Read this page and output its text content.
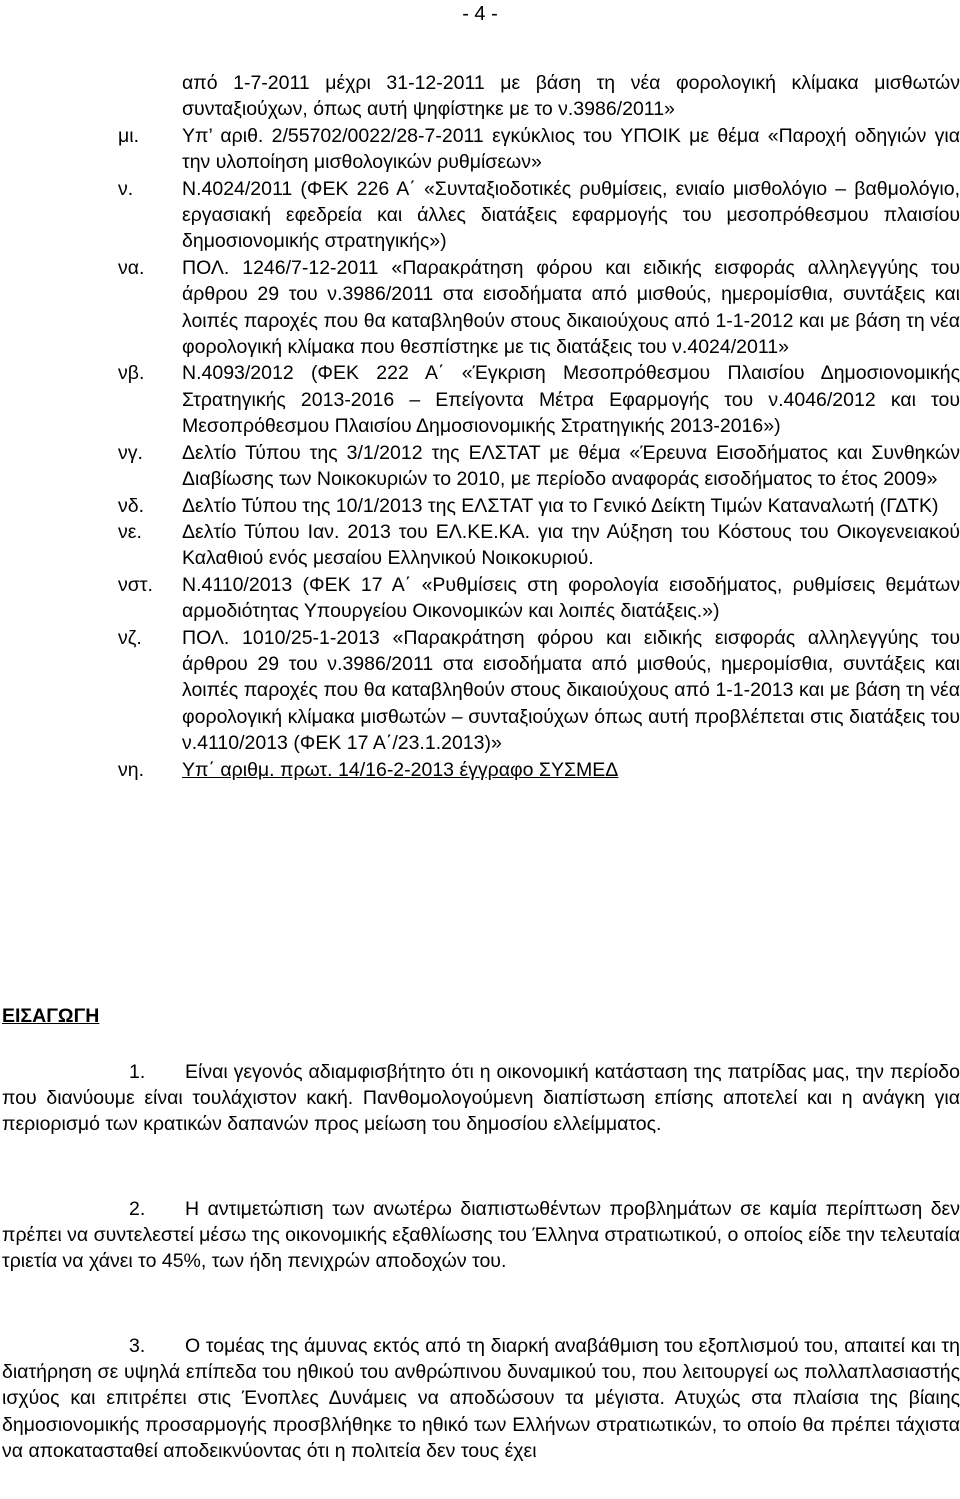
- 4 -
από 1-7-2011 μέχρι 31-12-2011 με βάση τη νέα φορολογική κλίμακα μισθωτών συνταξιούχων, όπως αυτή ψηφίστηκε με το ν.3986/2011»
μι. Υπ’ αριθ. 2/55702/0022/28-7-2011 εγκύκλιος του ΥΠΟΙΚ με θέμα «Παροχή οδηγιών για την υλοποίηση μισθολογικών ρυθμίσεων»
ν.	Ν.4024/2011 (ΦΕΚ 226 Α΄ «Συνταξιοδοτικές ρυθμίσεις, ενιαίο μισθολόγιο – βαθμολόγιο, εργασιακή εφεδρεία και άλλες διατάξεις εφαρμογής του μεσοπρόθεσμου πλαισίου δημοσιονομικής στρατηγικής»)
να. ΠΟΛ. 1246/7-12-2011 «Παρακράτηση φόρου και ειδικής εισφοράς αλληλεγγύης του άρθρου 29 του ν.3986/2011 στα εισοδήματα από μισθούς, ημερομίσθια, συντάξεις και λοιπές παροχές που θα καταβληθούν στους δικαιούχους από 1-1-2012 και με βάση τη νέα φορολογική κλίμακα που θεσπίστηκε με τις διατάξεις του ν.4024/2011»
νβ. Ν.4093/2012 (ΦΕΚ 222 Α΄ «Έγκριση Μεσοπρόθεσμου Πλαισίου Δημοσιονομικής Στρατηγικής 2013-2016 – Επείγοντα Μέτρα Εφαρμογής του ν.4046/2012 και του Μεσοπρόθεσμου Πλαισίου Δημοσιονομικής Στρατηγικής 2013-2016»)
νγ. Δελτίο Τύπου της 3/1/2012 της ΕΛΣΤΑΤ με θέμα «Έρευνα Εισοδήματος και Συνθηκών Διαβίωσης των Νοικοκυριών το 2010, με περίοδο αναφοράς εισοδήματος το έτος 2009»
νδ. Δελτίο Τύπου της 10/1/2013 της ΕΛΣΤΑΤ για το Γενικό Δείκτη Τιμών Καταναλωτή (ΓΔΤΚ)
νε. Δελτίο Τύπου Ιαν. 2013 του ΕΛ.ΚΕ.ΚΑ. για την Αύξηση του Κόστους του Οικογενειακού Καλαθιού ενός μεσαίου Ελληνικού Νοικοκυριού.
νστ. Ν.4110/2013 (ΦΕΚ 17 Α΄ «Ρυθμίσεις στη φορολογία εισοδήματος, ρυθμίσεις θεμάτων αρμοδιότητας Υπουργείου Οικονομικών και λοιπές διατάξεις.»)
νζ. ΠΟΛ. 1010/25-1-2013 «Παρακράτηση φόρου και ειδικής εισφοράς αλληλεγγύης του άρθρου 29 του ν.3986/2011 στα εισοδήματα από μισθούς, ημερομίσθια, συντάξεις και λοιπές παροχές που θα καταβληθούν στους δικαιούχους από 1-1-2013 και με βάση τη νέα φορολογική κλίμακα μισθωτών – συνταξιούχων όπως αυτή προβλέπεται στις διατάξεις του ν.4110/2013 (ΦΕΚ 17 Α΄/23.1.2013)»
νη. Υπ΄ αριθμ. πρωτ. 14/16-2-2013 έγγραφο ΣΥΣΜΕΔ
ΕΙΣΑΓΩΓΗ

1. Είναι γεγονός αδιαμφισβήτητο ότι η οικονομική κατάσταση της πατρίδας μας, την περίοδο που διανύουμε είναι τουλάχιστον κακή. Πανθομολογούμενη διαπίστωση επίσης αποτελεί και η ανάγκη για περιορισμό των κρατικών δαπανών προς μείωση του δημοσίου ελλείμματος.

2. Η αντιμετώπιση των ανωτέρω διαπιστωθέντων προβλημάτων σε καμία περίπτωση δεν πρέπει να συντελεστεί μέσω της οικονομικής εξαθλίωσης του Έλληνα στρατιωτικού, ο οποίος είδε την τελευταία τριετία να χάνει το 45%, των ήδη πενιχρών αποδοχών του.

3. Ο τομέας της άμυνας εκτός από τη διαρκή αναβάθμιση του εξοπλισμού του, απαιτεί και τη διατήρηση σε υψηλά επίπεδα του ηθικού του ανθρώπινου δυναμικού του, που λειτουργεί ως πολλαπλασιαστής ισχύος και επιτρέπει στις Ένοπλες Δυνάμεις να αποδώσουν τα μέγιστα. Ατυχώς στα πλαίσια της βίαιης δημοσιονομικής προσαρμογής προσβλήθηκε το ηθικό των Ελλήνων στρατιωτικών, το οποίο θα πρέπει τάχιστα να αποκατασταθεί αποδεικνύοντας ότι η πολιτεία δεν τους έχει
